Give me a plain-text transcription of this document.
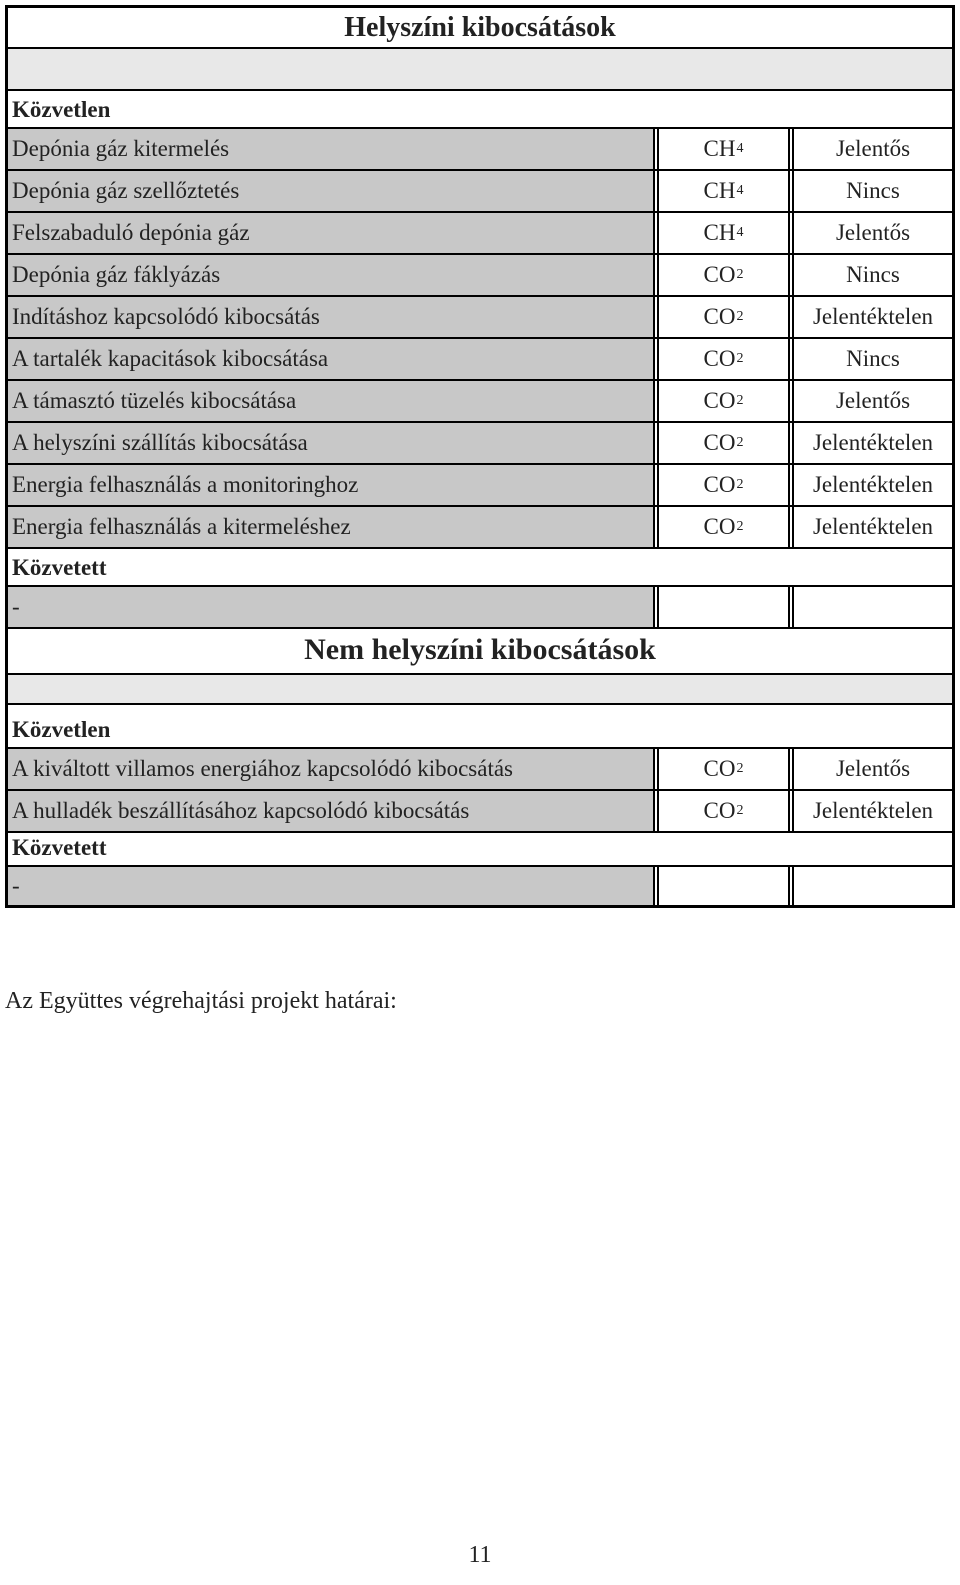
Helyszíni kibocsátások
Közvetlen
Depónia gáz kitermelés	CH 4	Jelentős
Depónia gáz szellőztetés	CH 4	Nincs
Felszabaduló depónia gáz	CH 4	Jelentős
Depónia gáz fáklyázás	CO 2	Nincs
Indításhoz kapcsolódó kibocsátás	CO 2	Jelentéktelen
A tartalék kapacitások kibocsátása	CO 2	Nincs
A támasztó tüzelés kibocsátása	CO 2	Jelentős
A helyszíni szállítás kibocsátása	CO 2	Jelentéktelen
Energia felhasználás a monitoringhoz	CO 2	Jelentéktelen
Energia felhasználás a kitermeléshez	CO 2	Jelentéktelen
Közvetett
-
Nem helyszíni kibocsátások
Közvetlen
A kiváltott villamos energiához kapcsolódó kibocsátás	CO 2	Jelentős
A hulladék beszállításához kapcsolódó kibocsátás	CO 2	Jelentéktelen
Közvetett
-
Az Együttes végrehajtási projekt határai:
11
